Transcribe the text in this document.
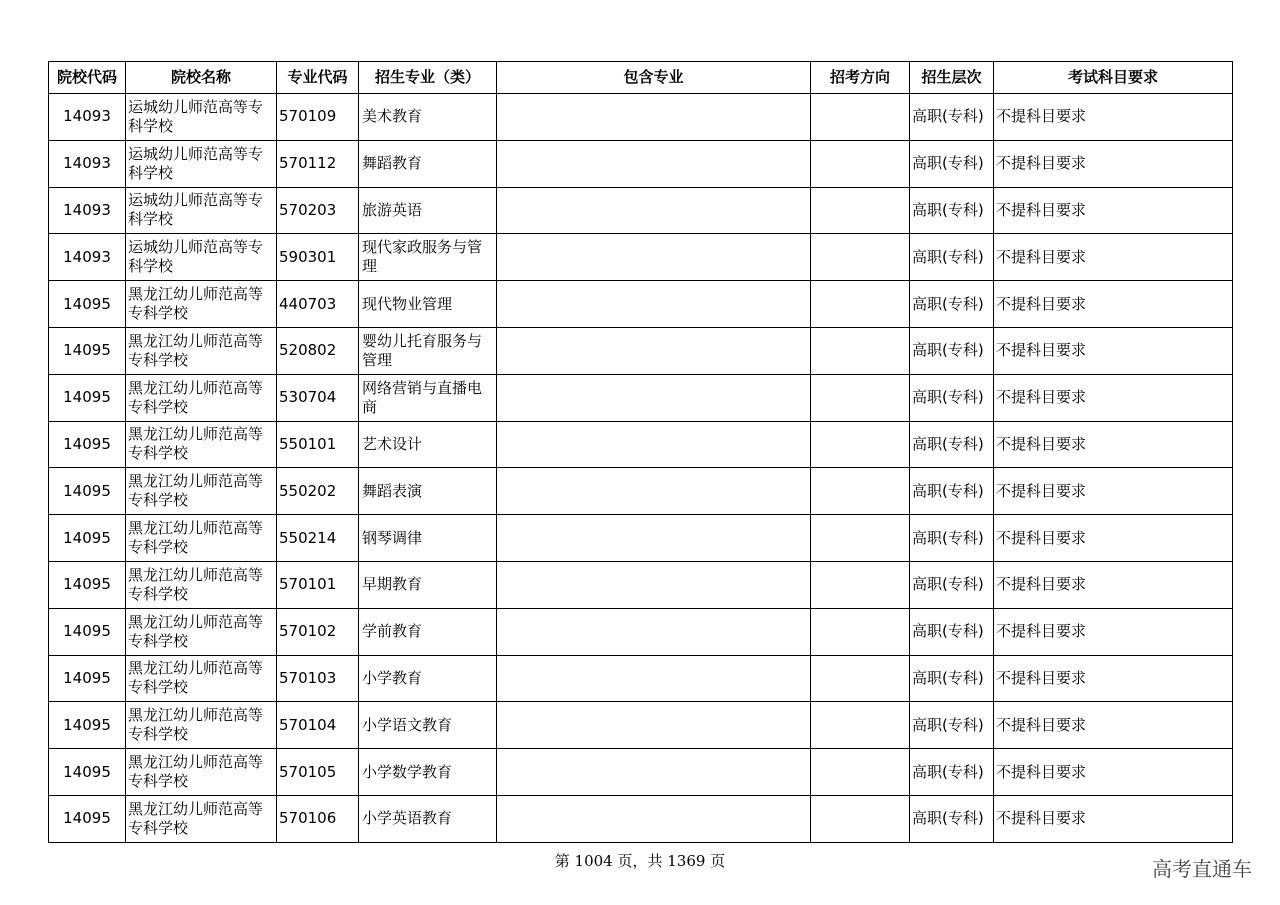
院校代码	院校名称	专业代码	招生专业（类）	包含专业	招考方向	招生层次	考试科目要求
14093	运城幼儿师范高等专科学校	570109	美术教育			高职(专科)	不提科目要求
14093	运城幼儿师范高等专科学校	570112	舞蹈教育			高职(专科)	不提科目要求
14093	运城幼儿师范高等专科学校	570203	旅游英语			高职(专科)	不提科目要求
14093	运城幼儿师范高等专科学校	590301	现代家政服务与管理			高职(专科)	不提科目要求
14095	黑龙江幼儿师范高等专科学校	440703	现代物业管理			高职(专科)	不提科目要求
14095	黑龙江幼儿师范高等专科学校	520802	婴幼儿托育服务与管理			高职(专科)	不提科目要求
14095	黑龙江幼儿师范高等专科学校	530704	网络营销与直播电商			高职(专科)	不提科目要求
14095	黑龙江幼儿师范高等专科学校	550101	艺术设计			高职(专科)	不提科目要求
14095	黑龙江幼儿师范高等专科学校	550202	舞蹈表演			高职(专科)	不提科目要求
14095	黑龙江幼儿师范高等专科学校	550214	钢琴调律			高职(专科)	不提科目要求
14095	黑龙江幼儿师范高等专科学校	570101	早期教育			高职(专科)	不提科目要求
14095	黑龙江幼儿师范高等专科学校	570102	学前教育			高职(专科)	不提科目要求
14095	黑龙江幼儿师范高等专科学校	570103	小学教育			高职(专科)	不提科目要求
14095	黑龙江幼儿师范高等专科学校	570104	小学语文教育			高职(专科)	不提科目要求
14095	黑龙江幼儿师范高等专科学校	570105	小学数学教育			高职(专科)	不提科目要求
14095	黑龙江幼儿师范高等专科学校	570106	小学英语教育			高职(专科)	不提科目要求
第 1004 页，共 1369 页	高考直通车
